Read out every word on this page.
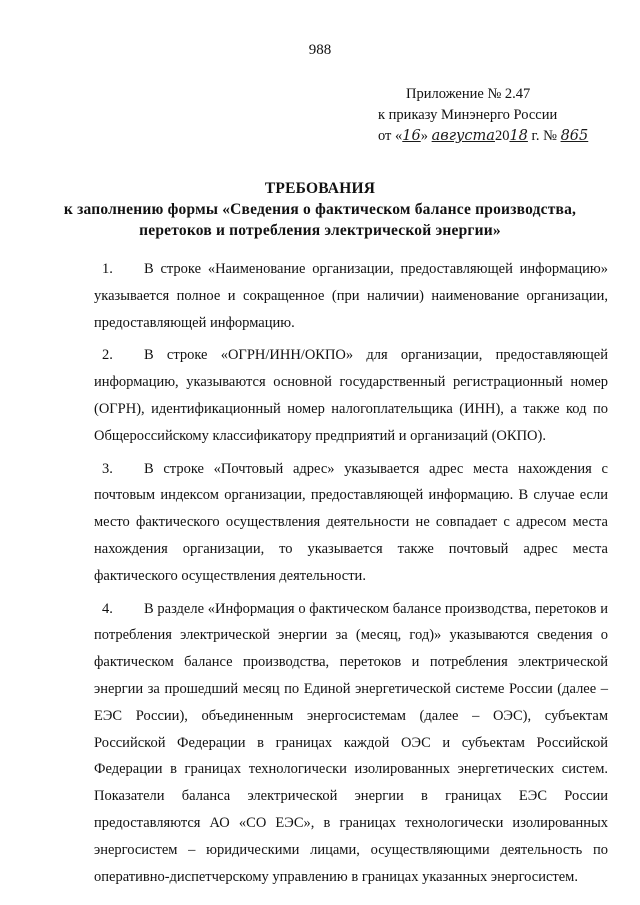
988
Приложение № 2.47
к приказу Минэнерго России
от «16» августа2018 г. № 865
ТРЕБОВАНИЯ
к заполнению формы «Сведения о фактическом балансе производства,
перетоков и потребления электрической энергии»

1. В строке «Наименование организации, предоставляющей информацию» указывается полное и сокращенное (при наличии) наименование организации, предоставляющей информацию.

2. В строке «ОГРН/ИНН/ОКПО» для организации, предоставляющей информацию, указываются основной государственный регистрационный номер (ОГРН), идентификационный номер налогоплательщика (ИНН), а также код по Общероссийскому классификатору предприятий и организаций (ОКПО).

3. В строке «Почтовый адрес» указывается адрес места нахождения с почтовым индексом организации, предоставляющей информацию. В случае если место фактического осуществления деятельности не совпадает с адресом места нахождения организации, то указывается также почтовый адрес места фактического осуществления деятельности.

4. В разделе «Информация о фактическом балансе производства, перетоков и потребления электрической энергии за (месяц, год)» указываются сведения о фактическом балансе производства, перетоков и потребления электрической энергии за прошедший месяц по Единой энергетической системе России (далее – ЕЭС России), объединенным энергосистемам (далее – ОЭС), субъектам Российской Федерации в границах каждой ОЭС и субъектам Российской Федерации в границах технологически изолированных энергетических систем. Показатели баланса электрической энергии в границах ЕЭС России предоставляются АО «СО ЕЭС», в границах технологически изолированных энергосистем – юридическими лицами, осуществляющими деятельность по оперативно-диспетчерскому управлению в границах указанных энергосистем.
